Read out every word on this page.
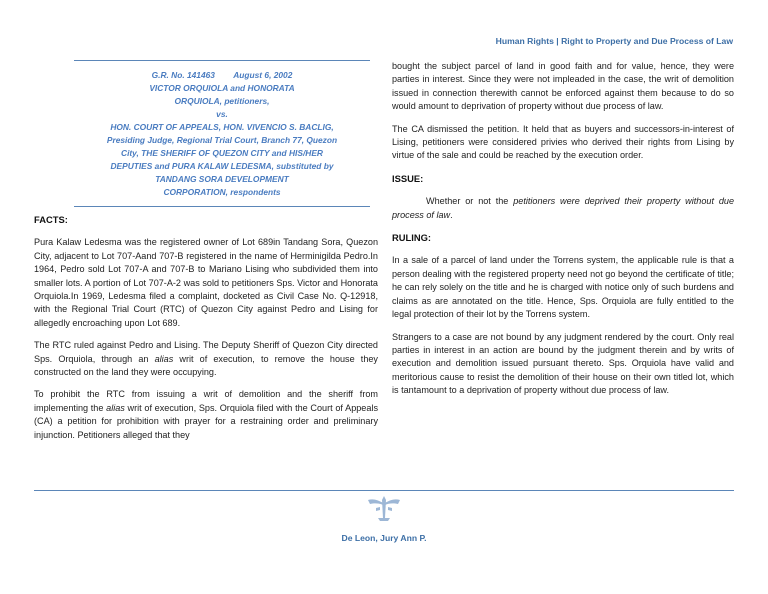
Human Rights | Right to Property and Due Process of Law
G.R. No. 141463 August 6, 2002
VICTOR ORQUIOLA and HONORATA
ORQUIOLA, petitioners,
vs.
HON. COURT OF APPEALS, HON. VIVENCIO S. BACLIG,
Presiding Judge, Regional Trial Court, Branch 77, Quezon
City, THE SHERIFF OF QUEZON CITY and HIS/HER
DEPUTIES and PURA KALAW LEDESMA, substituted by
TANDANG SORA DEVELOPMENT
CORPORATION, respondents
FACTS:

Pura Kalaw Ledesma was the registered owner of Lot 689in Tandang Sora, Quezon City, adjacent to Lot 707-Aand 707-B registered in the name of Herminigilda Pedro.In 1964, Pedro sold Lot 707-A and 707-B to Mariano Lising who subdivided them into smaller lots. A portion of Lot 707-A-2 was sold to petitioners Sps. Victor and Honorata Orquiola.In 1969, Ledesma filed a complaint, docketed as Civil Case No. Q-12918, with the Regional Trial Court (RTC) of Quezon City against Pedro and Lising for allegedly encroaching upon Lot 689.

The RTC ruled against Pedro and Lising. The Deputy Sheriff of Quezon City directed Sps. Orquiola, through an alias writ of execution, to remove the house they constructed on the land they were occupying.

To prohibit the RTC from issuing a writ of demolition and the sheriff from implementing the alias writ of execution, Sps. Orquiola filed with the Court of Appeals (CA) a petition for prohibition with prayer for a restraining order and preliminary injunction. Petitioners alleged that they

bought the subject parcel of land in good faith and for value, hence, they were parties in interest. Since they were not impleaded in the case, the writ of demolition issued in connection therewith cannot be enforced against them because to do so would amount to deprivation of property without due process of law.

The CA dismissed the petition. It held that as buyers and successors-in-interest of Lising, petitioners were considered privies who derived their rights from Lising by virtue of the sale and could be reached by the execution order.

ISSUE:

Whether or not the petitioners were deprived their property without due process of law.

RULING:

In a sale of a parcel of land under the Torrens system, the applicable rule is that a person dealing with the registered property need not go beyond the certificate of title; he can rely solely on the title and he is charged with notice only of such burdens and claims as are annotated on the title. Hence, Sps. Orquiola are fully entitled to the legal protection of their lot by the Torrens system.

Strangers to a case are not bound by any judgment rendered by the court. Only real parties in interest in an action are bound by the judgment therein and by writs of execution and demolition issued pursuant thereto. Sps. Orquiola have valid and meritorious cause to resist the demolition of their house on their own titled lot, which is tantamount to a deprivation of property without due process of law.

De Leon, Jury Ann P.
